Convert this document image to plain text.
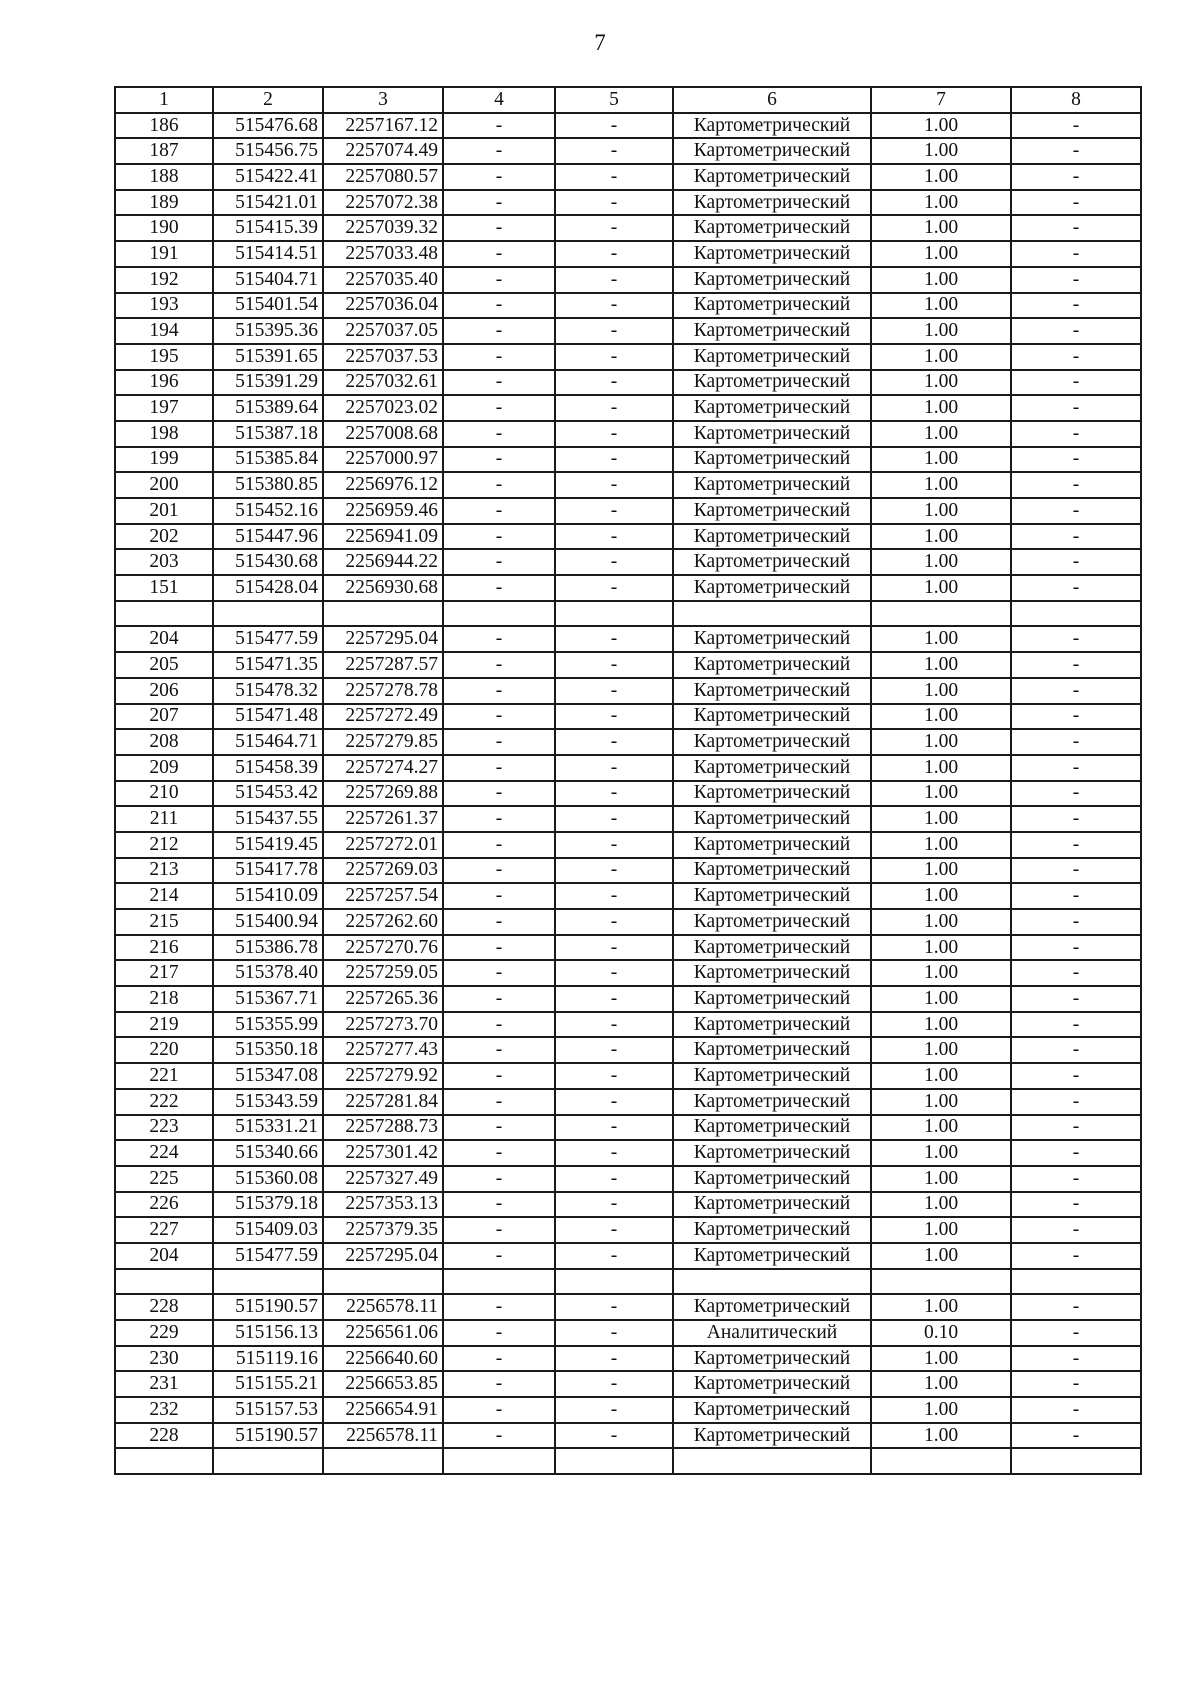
7
1	2	3	4	5	6	7	8
186	515476.68	2257167.12	-	-	Картометрический	1.00	-
187	515456.75	2257074.49	-	-	Картометрический	1.00	-
188	515422.41	2257080.57	-	-	Картометрический	1.00	-
189	515421.01	2257072.38	-	-	Картометрический	1.00	-
190	515415.39	2257039.32	-	-	Картометрический	1.00	-
191	515414.51	2257033.48	-	-	Картометрический	1.00	-
192	515404.71	2257035.40	-	-	Картометрический	1.00	-
193	515401.54	2257036.04	-	-	Картометрический	1.00	-
194	515395.36	2257037.05	-	-	Картометрический	1.00	-
195	515391.65	2257037.53	-	-	Картометрический	1.00	-
196	515391.29	2257032.61	-	-	Картометрический	1.00	-
197	515389.64	2257023.02	-	-	Картометрический	1.00	-
198	515387.18	2257008.68	-	-	Картометрический	1.00	-
199	515385.84	2257000.97	-	-	Картометрический	1.00	-
200	515380.85	2256976.12	-	-	Картометрический	1.00	-
201	515452.16	2256959.46	-	-	Картометрический	1.00	-
202	515447.96	2256941.09	-	-	Картометрический	1.00	-
203	515430.68	2256944.22	-	-	Картометрический	1.00	-
151	515428.04	2256930.68	-	-	Картометрический	1.00	-

204	515477.59	2257295.04	-	-	Картометрический	1.00	-
205	515471.35	2257287.57	-	-	Картометрический	1.00	-
206	515478.32	2257278.78	-	-	Картометрический	1.00	-
207	515471.48	2257272.49	-	-	Картометрический	1.00	-
208	515464.71	2257279.85	-	-	Картометрический	1.00	-
209	515458.39	2257274.27	-	-	Картометрический	1.00	-
210	515453.42	2257269.88	-	-	Картометрический	1.00	-
211	515437.55	2257261.37	-	-	Картометрический	1.00	-
212	515419.45	2257272.01	-	-	Картометрический	1.00	-
213	515417.78	2257269.03	-	-	Картометрический	1.00	-
214	515410.09	2257257.54	-	-	Картометрический	1.00	-
215	515400.94	2257262.60	-	-	Картометрический	1.00	-
216	515386.78	2257270.76	-	-	Картометрический	1.00	-
217	515378.40	2257259.05	-	-	Картометрический	1.00	-
218	515367.71	2257265.36	-	-	Картометрический	1.00	-
219	515355.99	2257273.70	-	-	Картометрический	1.00	-
220	515350.18	2257277.43	-	-	Картометрический	1.00	-
221	515347.08	2257279.92	-	-	Картометрический	1.00	-
222	515343.59	2257281.84	-	-	Картометрический	1.00	-
223	515331.21	2257288.73	-	-	Картометрический	1.00	-
224	515340.66	2257301.42	-	-	Картометрический	1.00	-
225	515360.08	2257327.49	-	-	Картометрический	1.00	-
226	515379.18	2257353.13	-	-	Картометрический	1.00	-
227	515409.03	2257379.35	-	-	Картометрический	1.00	-
204	515477.59	2257295.04	-	-	Картометрический	1.00	-

228	515190.57	2256578.11	-	-	Картометрический	1.00	-
229	515156.13	2256561.06	-	-	Аналитический	0.10	-
230	515119.16	2256640.60	-	-	Картометрический	1.00	-
231	515155.21	2256653.85	-	-	Картометрический	1.00	-
232	515157.53	2256654.91	-	-	Картометрический	1.00	-
228	515190.57	2256578.11	-	-	Картометрический	1.00	-
